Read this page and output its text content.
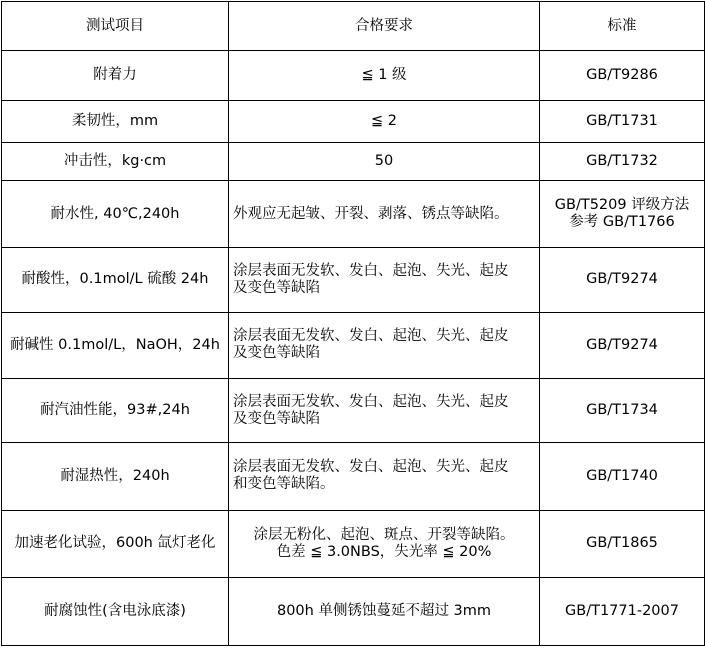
测试项目	合格要求	标准
附着力	≦ 1 级	GB/T9286
柔韧性，mm	≦ 2	GB/T1731
冲击性，kg·cm	50	GB/T1732
耐水性, 40℃,240h	外观应无起皱、开裂、剥落、锈点等缺陷。	GB/T5209 评级方法
参考 GB/T1766
耐酸性，0.1mol/L 硫酸 24h	涂层表面无发软、发白、起泡、失光、起皮
及变色等缺陷	GB/T9274
耐碱性 0.1mol/L，NaOH，24h	涂层表面无发软、发白、起泡、失光、起皮
及变色等缺陷	GB/T9274
耐汽油性能，93#,24h	涂层表面无发软、发白、起泡、失光、起皮
及变色等缺陷	GB/T1734
耐湿热性，240h	涂层表面无发软、发白、起泡、失光、起皮
和变色等缺陷。	GB/T1740
加速老化试验，600h 氙灯老化	涂层无粉化、起泡、斑点、开裂等缺陷。
色差 ≦ 3.0NBS，失光率 ≦ 20%	GB/T1865
耐腐蚀性(含电泳底漆)	800h 单侧锈蚀蔓延不超过 3mm	GB/T1771-2007
